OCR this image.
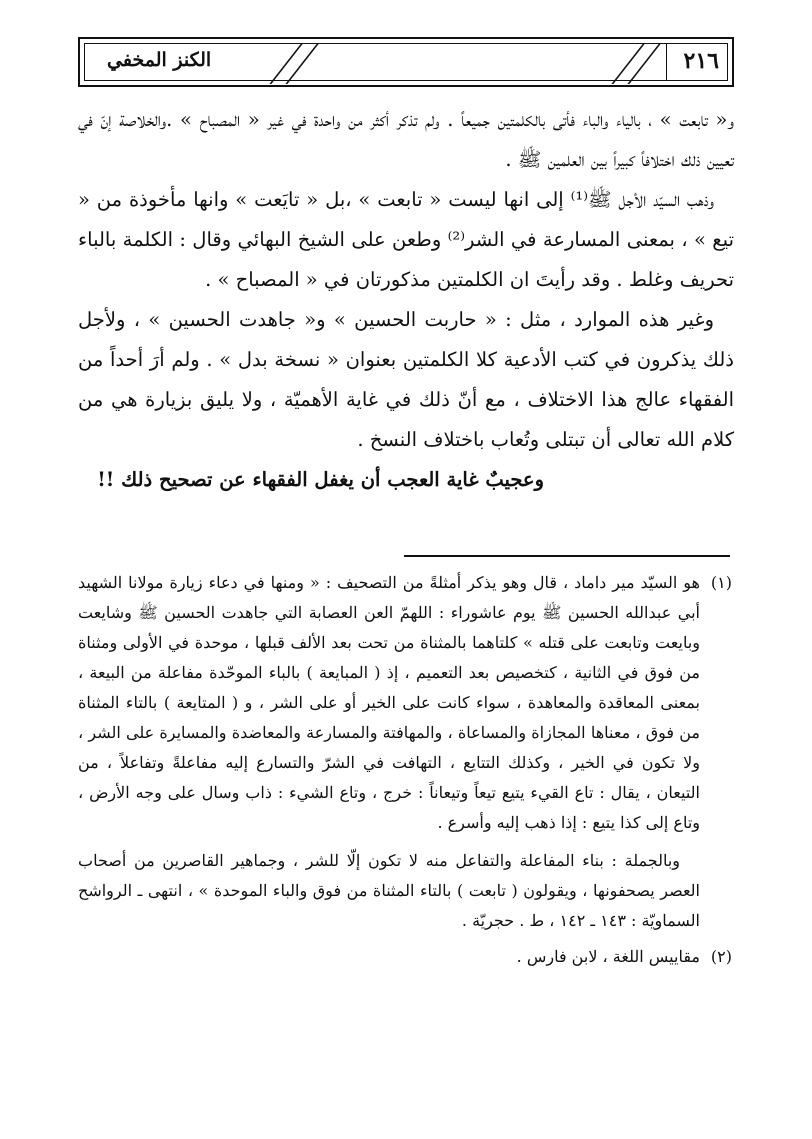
٢١٦
الكنز المخفي

و« تابعت » ، بالياء والباء فأتى بالكلمتين جميعاً . ولم تذكر أكثر من واحدة في غير « المصباح » .والخلاصة إنّ في تعيين ذلك اختلافاً كبيراً بين العلمين ﷺ .

وذهب السيّد الأجل ﷺ⁽¹⁾ إلى انها ليست « تابعت » ،بل « تايَعت » وانها مأخوذة من « تيع » ، بمعنى المسارعة في الشر⁽²⁾ وطعن على الشيخ البهائي وقال : الكلمة بالباء تحريف وغلط . وقد رأيتَ ان الكلمتين مذكورتان في « المصباح » .

وغير هذه الموارد ، مثل : « حاربت الحسين » و« جاهدت الحسين » ، ولأجل ذلك يذكرون في كتب الأدعية كلا الكلمتين بعنوان « نسخة بدل » . ولم أرَ أحداً من الفقهاء عالج هذا الاختلاف ، مع أنّ ذلك في غاية الأهميّة ، ولا يليق بزيارة هي من كلام الله تعالى أن تبتلى وتُعاب باختلاف النسخ .

وعجيبٌ غاية العجب أن يغفل الفقهاء عن تصحيح ذلك !!

(١)

هو السيّد مير داماد ، قال وهو يذكر أمثلةً من التصحيف : « ومنها في دعاء زيارة مولانا الشهيد أبي عبدالله الحسين ﷺ يوم عاشوراء : اللهمّ العن العصابة التي جاهدت الحسين ﷺ وشايعت وبايعت وتابعت على قتله » كلتاهما بالمثناة من تحت بعد الألف قبلها ، موحدة في الأولى ومثناة من فوق في الثانية ، كتخصيص بعد التعميم ، إذ ( المبايعة ) بالباء الموحّدة مفاعلة من البيعة ، بمعنى المعاقدة والمعاهدة ، سواء كانت على الخير أو على الشر ، و ( المتايعة ) بالتاء المثناة من فوق ، معناها المجازاة والمساعاة ، والمهافتة والمسارعة والمعاضدة والمسايرة على الشر ، ولا تكون في الخير ، وكذلك التتايع ، التهافت في الشرّ والتسارع إليه مفاعلةً وتفاعلاً ، من التيعان ، يقال : تاع القيء يتيع تيعاً وتيعاناً : خرج ، وتاع الشيء : ذاب وسال على وجه الأرض ، وتاع إلى كذا يتيع : إذا ذهب إليه وأسرع .

وبالجملة : بناء المفاعلة والتفاعل منه لا تكون إلّا للشر ، وجماهير القاصرين من أصحاب العصر يصحفونها ، ويقولون ( تابعت ) بالتاء المثناة من فوق والباء الموحدة » ، انتهى ـ الرواشح السماويّة : ١٤٣ ـ ١٤٢ ، ط . حجريّة .

(٢)

مقاييس اللغة ، لابن فارس .
